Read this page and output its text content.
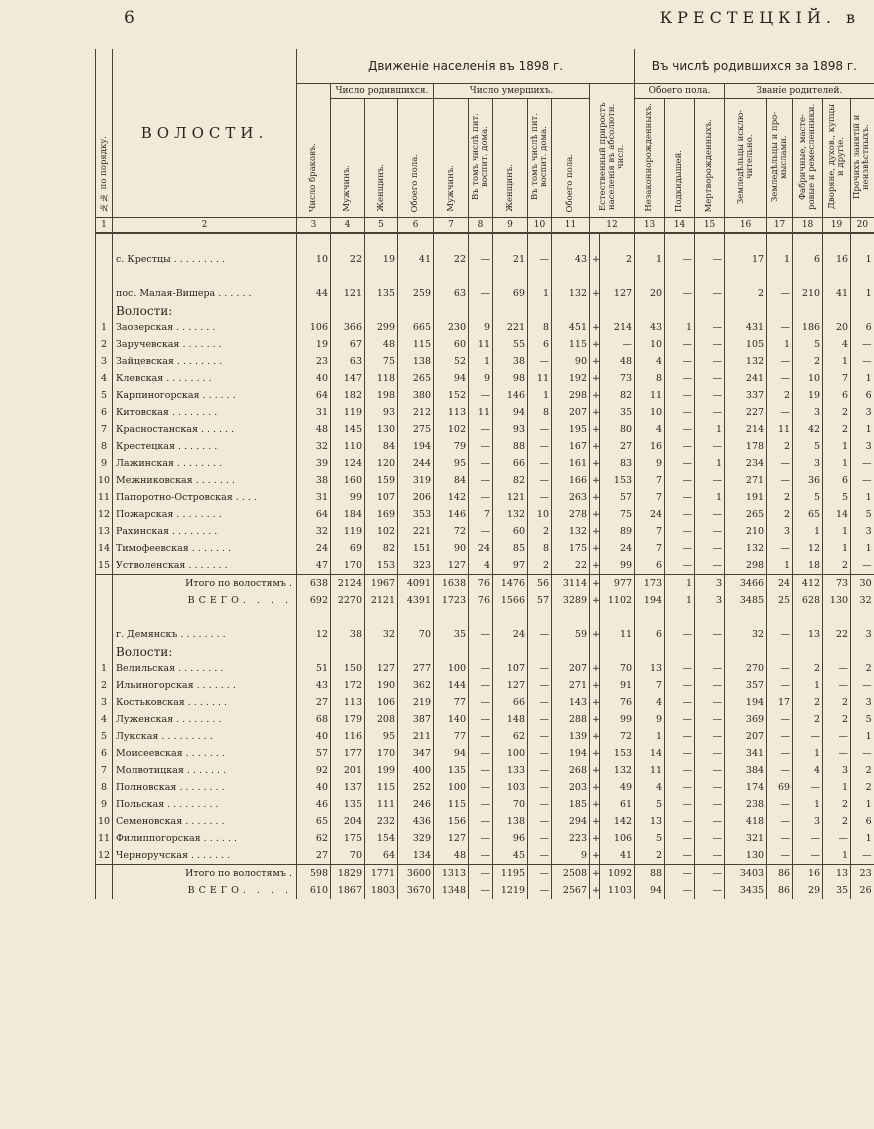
6	КРЕСТЕЦКІЙ. в
№№ по порядку.	ВОЛОСТИ.	Движеніе населенія въ 1898 г.											Въ числѣ родившихся за 1898 г.							
		Число браковъ.	Число родившихся.			Число умершихъ.					Естественный приростъ населенія въ абсолютн. числ.		Обоего пола.			Званіе родителей.				
			Мужчинъ.	Женщинъ.	Обоего пола.	Мужчинъ.	Въ томъ числѣ пит. воспит. дома.	Женщинъ.	Въ томъ числѣ пит. воспит. дома.	Обоего пола.			Незаконнорожденныхъ.	Подкидышей.	Мертворожденныхъ.	Земледѣльцы исключительно.	Земледѣльцы и промыслами.	Фабричные, мастеровые и ремесленники.	Дворяне, духов., купцы и другіе.	Прочихъ занятій и неизвѣстныхъ.
1	2	3	4	5	6	7	8	9	10	11	12		13	14	15	16	17	18	19	20

	с. Крестцы . . . . . . . . .	10	22	19	41	22	—	21	—	43	+	2	1	—	—	17	1	6	16	1

	пос. Малая-Вишера . . . . . .	44	121	135	259	63	—	69	1	132	+	127	20	—	—	2	—	210	41	1
	Волости:																			
1	Заозерская . . . . . . .	106	366	299	665	230	9	221	8	451	+	214	43	1	—	431	—	186	20	6
2	Заручевская . . . . . . .	19	67	48	115	60	11	55	6	115	+	—	10	—	—	105	1	5	4	—
3	Зайцевская . . . . . . . .	23	63	75	138	52	1	38	—	90	+	48	4	—	—	132	—	2	1	—
4	Клевская . . . . . . . .	40	147	118	265	94	9	98	11	192	+	73	8	—	—	241	—	10	7	1
5	Карпиногорская . . . . . .	64	182	198	380	152	—	146	1	298	+	82	11	—	—	337	2	19	6	6
6	Китовская . . . . . . . .	31	119	93	212	113	11	94	8	207	+	35	10	—	—	227	—	3	2	3
7	Красностанская . . . . . .	48	145	130	275	102	—	93	—	195	+	80	4	—	1	214	11	42	2	1
8	Крестецкая . . . . . . .	32	110	84	194	79	—	88	—	167	+	27	16	—	—	178	2	5	1	3
9	Лажинская . . . . . . . .	39	124	120	244	95	—	66	—	161	+	83	9	—	1	234	—	3	1	—
10	Межниковская . . . . . . .	38	160	159	319	84	—	82	—	166	+	153	7	—	—	271	—	36	6	—
11	Папоротно-Островская . . . .	31	99	107	206	142	—	121	—	263	+	57	7	—	1	191	2	5	5	1
12	Пожарская . . . . . . . .	64	184	169	353	146	7	132	10	278	+	75	24	—	—	265	2	65	14	5
13	Рахинская . . . . . . . .	32	119	102	221	72	—	60	2	132	+	89	7	—	—	210	3	1	1	3
14	Тимофеевская . . . . . . .	24	69	82	151	90	24	85	8	175	+	24	7	—	—	132	—	12	1	1
15	Устволенская . . . . . . .	47	170	153	323	127	4	97	2	22	+	99	6	—	—	298	1	18	2	—
	Итого по волостямъ .	638	2124	1967	4091	1638	76	1476	56	3114	+	977	173	1	3	3466	24	412	73	30
	ВСЕГО. . . .	692	2270	2121	4391	1723	76	1566	57	3289	+	1102	194	1	3	3485	25	628	130	32

	г. Демянскъ . . . . . . . .	12	38	32	70	35	—	24	—	59	+	11	6	—	—	32	—	13	22	3
	Волости:																			
1	Велильская . . . . . . . .	51	150	127	277	100	—	107	—	207	+	70	13	—	—	270	—	2	—	2
2	Ильиногорская . . . . . . .	43	172	190	362	144	—	127	—	271	+	91	7	—	—	357	—	1	—	—
3	Костьковская . . . . . . .	27	113	106	219	77	—	66	—	143	+	76	4	—	—	194	17	2	2	3
4	Луженская . . . . . . . .	68	179	208	387	140	—	148	—	288	+	99	9	—	—	369	—	2	2	5
5	Лукская . . . . . . . . .	40	116	95	211	77	—	62	—	139	+	72	1	—	—	207	—	—	—	1
6	Моисеевская . . . . . . .	57	177	170	347	94	—	100	—	194	+	153	14	—	—	341	—	1	—	—
7	Молвотицкая . . . . . . .	92	201	199	400	135	—	133	—	268	+	132	11	—	—	384	—	4	3	2
8	Полновская . . . . . . . .	40	137	115	252	100	—	103	—	203	+	49	4	—	—	174	69	—	1	2
9	Польская . . . . . . . . .	46	135	111	246	115	—	70	—	185	+	61	5	—	—	238	—	1	2	1
10	Семеновская . . . . . . .	65	204	232	436	156	—	138	—	294	+	142	13	—	—	418	—	3	2	6
11	Филиппогорская . . . . . .	62	175	154	329	127	—	96	—	223	+	106	5	—	—	321	—	—	—	1
12	Черноручская . . . . . . .	27	70	64	134	48	—	45	—	9	+	41	2	—	—	130	—	—	1	—
	Итого по волостямъ .	598	1829	1771	3600	1313	—	1195	—	2508	+	1092	88	—	—	3403	86	16	13	23
	ВСЕГО. . . .	610	1867	1803	3670	1348	—	1219	—	2567	+	1103	94	—	—	3435	86	29	35	26
